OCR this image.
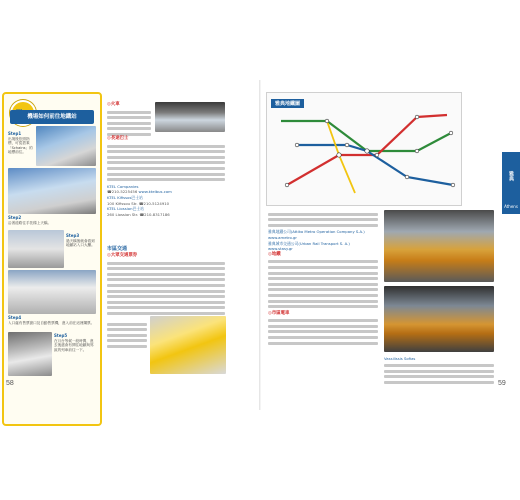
機場如何前往地鐵站
Step1
出境後依照指標，可從搭乘「Schains」的地標前往。
Step2
沿著道路往手扶梯上天橋。
Step3
過天橋後就會看到地鐵站入口大廳。
Step4
入口處有售票窗口及自動售票機，進入前在這裡購票。
Step5
在月台等候一段時間，進去後還會有開往地鐵與郊區的列車前往一下。
◎火車
◎長途巴士
KTEL Companies
☎210-5225456 www.ktelbus.com
KTEL Kifissos巴士站
100 Kifissou Str. ☎210-5124910
KTEL Liossion巴士站
260 Liossion Str. ☎210-8317186
市區交通
◎大眾交通票券
58
雅典地鐵圖
雅典
Athens
雅典地鐵公司(Attiko Metro Operation Company S.A.)
www.ametro.gr
雅典城市交通公司(Urban Rail Transport S. A.)
www.stasy.gr
◎地鐵
◎市區電車
Vassilissis Sofias
59
